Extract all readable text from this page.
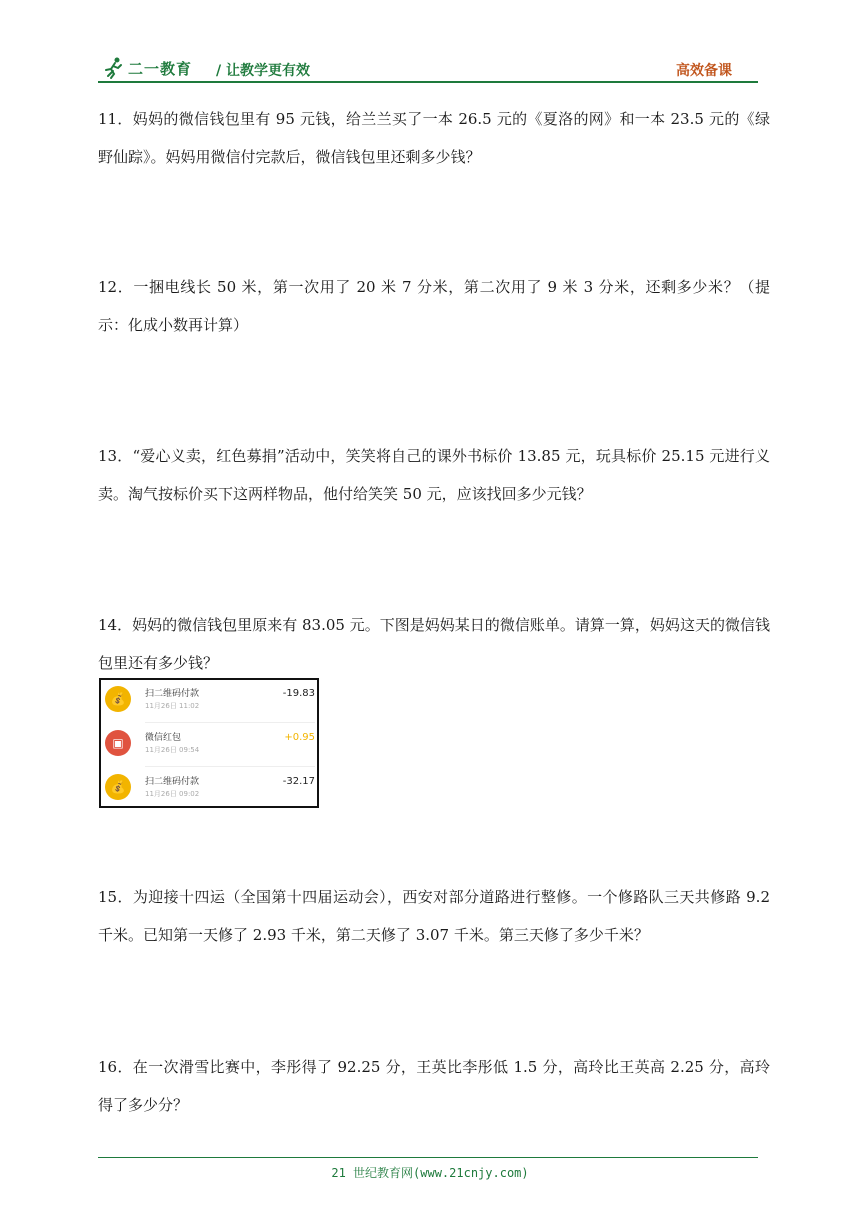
二一教育 / 让教学更有效	高效备课
11．妈妈的微信钱包里有 95 元钱，给兰兰买了一本 26.5 元的《夏洛的网》和一本 23.5 元的《绿野仙踪》。妈妈用微信付完款后，微信钱包里还剩多少钱？
12．一捆电线长 50 米，第一次用了 20 米 7 分米，第二次用了 9 米 3 分米，还剩多少米？（提示：化成小数再计算）
13．“爱心义卖，红色募捐”活动中，笑笑将自己的课外书标价 13.85 元，玩具标价 25.15 元进行义卖。淘气按标价买下这两样物品，他付给笑笑 50 元，应该找回多少元钱？
14．妈妈的微信钱包里原来有 83.05 元。下图是妈妈某日的微信账单。请算一算，妈妈这天的微信钱包里还有多少钱？
💰	扫二维码付款
11月26日 11:02
-19.83
▣	微信红包
11月26日 09:54
+0.95
💰	扫二维码付款
11月26日 09:02
-32.17
15．为迎接十四运（全国第十四届运动会），西安对部分道路进行整修。一个修路队三天共修路 9.2 千米。已知第一天修了 2.93 千米，第二天修了 3.07 千米。第三天修了多少千米？
16．在一次滑雪比赛中，李彤得了 92.25 分，王英比李彤低 1.5 分，高玲比王英高 2.25 分，高玲得了多少分？
21 世纪教育网(www.21cnjy.com)
